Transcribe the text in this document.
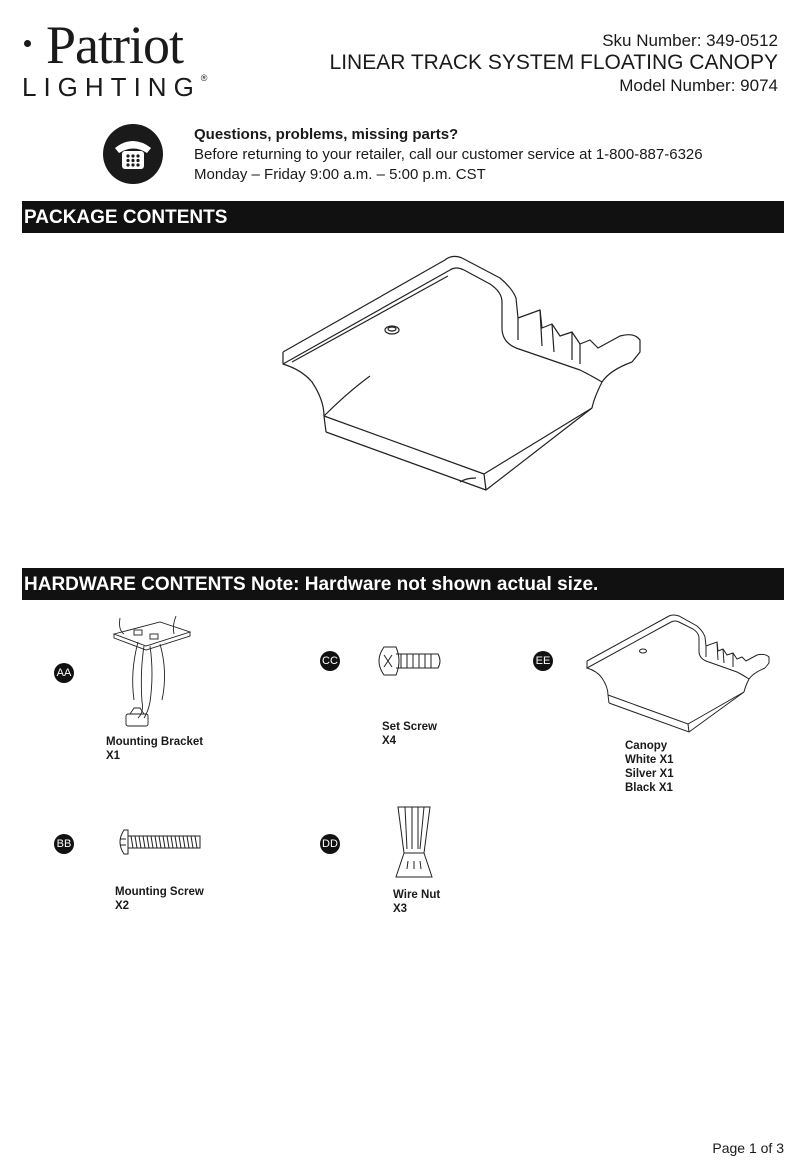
Patriot
LIGHTING®
Sku Number: 349-0512
LINEAR TRACK SYSTEM FLOATING CANOPY
Model Number: 9074
Questions, problems, missing parts?
Before returning to your retailer, call our customer service at 1-800-887-6326
Monday – Friday 9:00 a.m. – 5:00 p.m. CST
PACKAGE CONTENTS
HARDWARE CONTENTS Note: Hardware not shown actual size.
AA
Mounting Bracket
X1
BB
Mounting Screw
X2
CC
Set Screw
X4
DD
Wire Nut
X3
EE
Canopy
White X1
Silver X1
Black X1
Page 1 of 3
